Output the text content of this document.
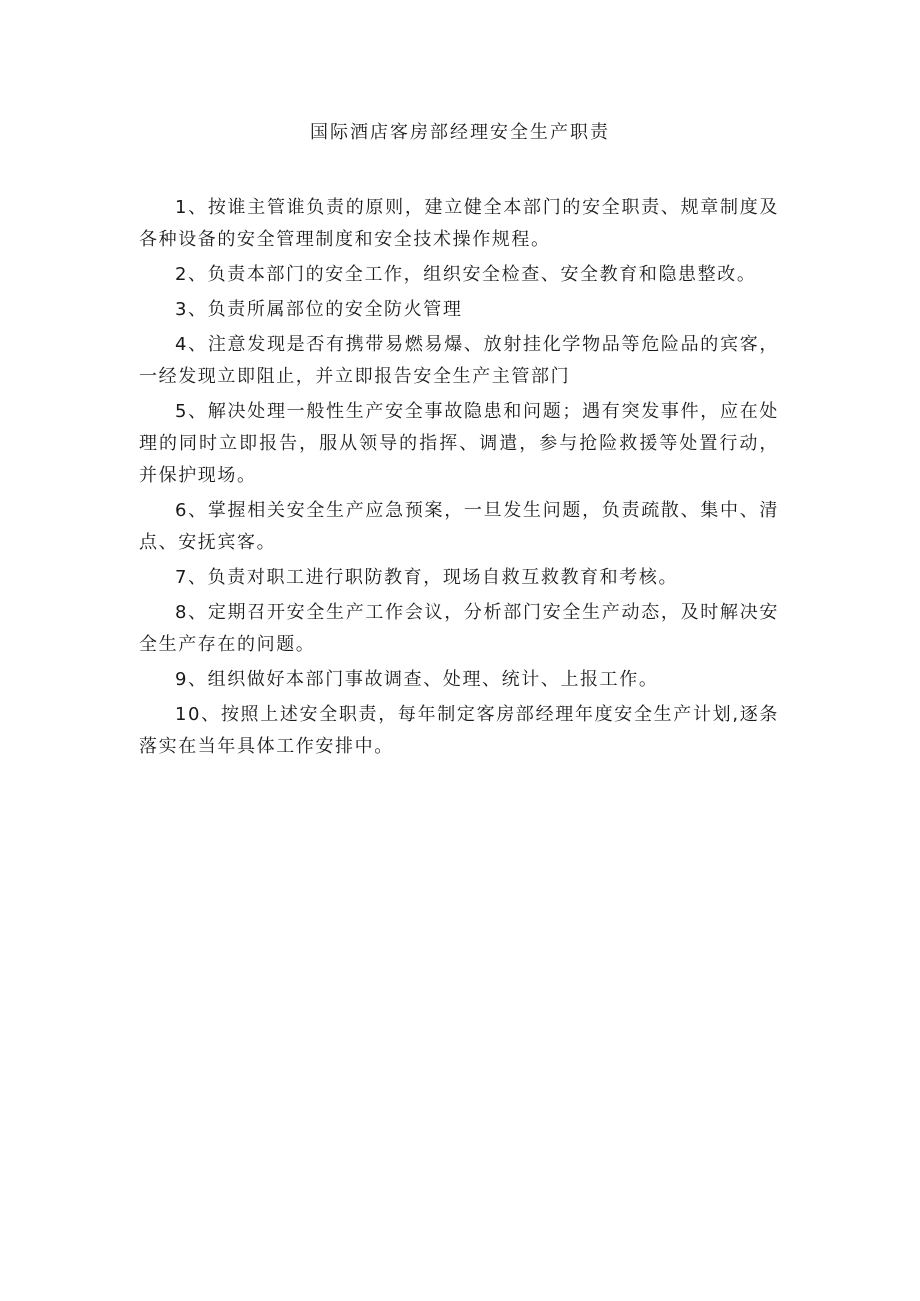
国际酒店客房部经理安全生产职责

1、按谁主管谁负责的原则，建立健全本部门的安全职责、规章制度及各种设备的安全管理制度和安全技术操作规程。

2、负责本部门的安全工作，组织安全检查、安全教育和隐患整改。

3、负责所属部位的安全防火管理

4、注意发现是否有携带易燃易爆、放射挂化学物品等危险品的宾客，一经发现立即阻止，并立即报告安全生产主管部门

5、解决处理一般性生产安全事故隐患和问题；遇有突发事件，应在处理的同时立即报告，服从领导的指挥、调遣，参与抢险救援等处置行动，并保护现场。

6、掌握相关安全生产应急预案，一旦发生问题，负责疏散、集中、清点、安抚宾客。

7、负责对职工进行职防教育，现场自救互救教育和考核。

8、定期召开安全生产工作会议，分析部门安全生产动态，及时解决安全生产存在的问题。

9、组织做好本部门事故调查、处理、统计、上报工作。

10、按照上述安全职责，每年制定客房部经理年度安全生产计划,逐条落实在当年具体工作安排中。
